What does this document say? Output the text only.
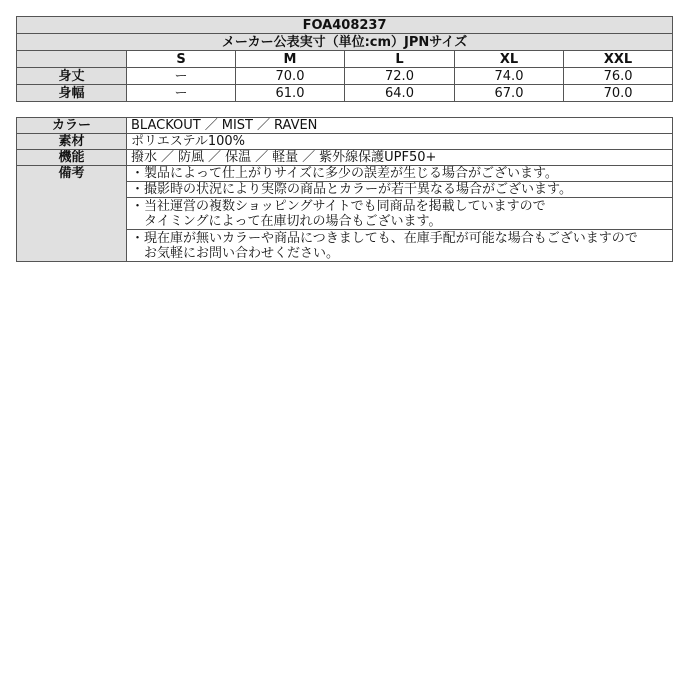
FOA408237					
メーカー公表実寸（単位:cm）JPNサイズ					
	S	M	L	XL	XXL
身丈	ー	70.0	72.0	74.0	76.0
身幅	ー	61.0	64.0	67.0	70.0
カラー	BLACKOUT ／ MIST ／ RAVEN
素材	ポリエステル100%
機能	撥水 ／ 防風 ／ 保温 ／ 軽量 ／ 紫外線保護UPF50+
備考	・製品によって仕上がりサイズに多少の誤差が生じる場合がございます。
	・撮影時の状況により実際の商品とカラーが若干異なる場合がございます。

	・当社運営の複数ショッピングサイトでも同商品を掲載していますので
　タイミングによって在庫切れの場合もございます。

	・現在庫が無いカラーや商品につきましても、在庫手配が可能な場合もございますので
　お気軽にお問い合わせください。
